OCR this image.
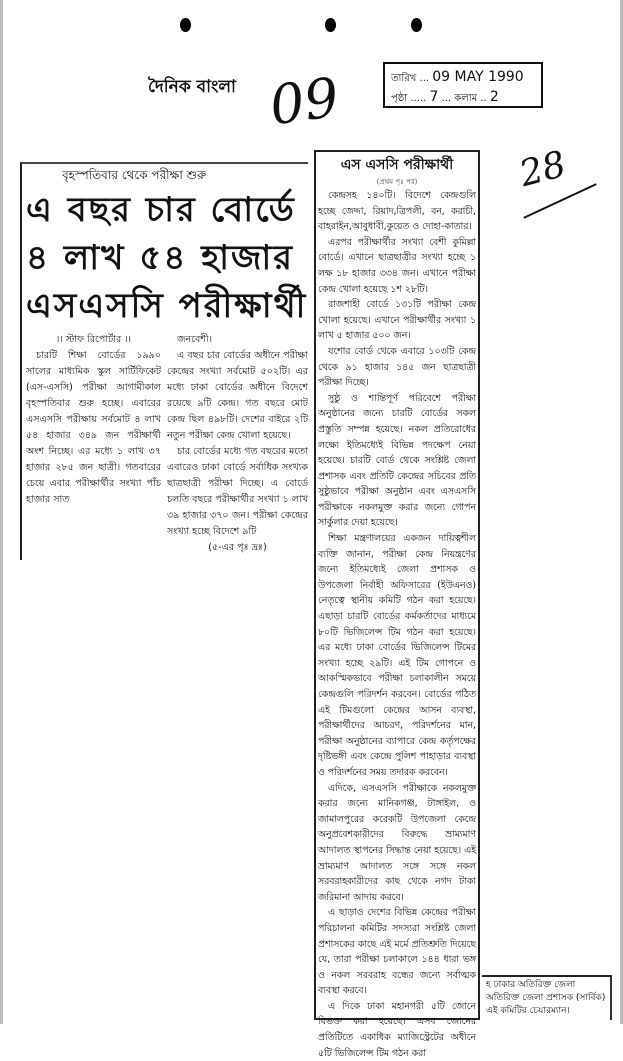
দৈনিক বাংলা 09
28
তারিখ ... 09 MAY 1990
পৃষ্ঠা ..... 7 ... কলাম .. 2
বৃহস্পতিবার থেকে পরীক্ষা শুরু
এ বছর চার বোর্ডে
৪ লাখ ৫৪ হাজার
এসএসসি পরীক্ষার্থী

।। স্টাফ রিপোর্টার ।।

চারটি শিক্ষা বোর্ডের ১৯৯০ সালের মাধ্যমিক স্কুল সার্টিফিকেট (এস-এসসি) পরীক্ষা আগামীকাল বৃহস্পতিবার শুরু হচ্ছে। এবারের এসএসসি পরীক্ষায় সর্বমোট ৪ লাখ ৫৪ হাজার ৩৪৯ জন পরীক্ষার্থী অংশ নিচ্ছে। এর মধ্যে ১ লাখ ৩৭ হাজার ২৮৫ জন ছাত্রী। গতবারের চেয়ে এবার পরীক্ষার্থীর সংখ্যা পাঁচ হাজার সাত

জনবেশী।

এ বছর চার বোর্ডের অধীনে পরীক্ষা কেন্দ্রের সংখ্যা সর্বমোট ৫০২টি। এর মধ্যে ঢাকা বোর্ডের অধীনে বিদেশে রয়েছে ৯টি কেন্দ্র। গত বছরে মোট কেন্দ্র ছিল ৪৯৮টি। দেশের বাইরে ২টি নতুন পরীক্ষা কেন্দ্র খোলা হয়েছে।

চার বোর্ডের মধ্যে গত বছরের মতো এবারেও ঢাকা বোর্ডে সর্বাধিক সংখ্যক ছাত্রছাত্রী পরীক্ষা দিচ্ছে। এ বোর্ডে চলতি বছরে পরীক্ষার্থীর সংখ্যা ১ লাখ ৩৯ হাজার ৩৭০ জন। পরীক্ষা কেন্দ্রের সংখ্যা হচ্ছে বিদেশে ৯টি

(৫-এর পৃঃ দ্রঃ)

এস এসসি পরীক্ষার্থী

(প্রথম পৃঃ পর)

কেন্দ্রসহ ১৪০টি। বিদেশে কেন্দ্রগুলি হচ্ছে জেদ্দা, রিয়াদ,ত্রিপলী, বন, করাচী, বাহরাইন,আবুধাবী,কুয়েত ও দোহা-কাতার।

এরপর পরীক্ষার্থীর সংখ্যা বেশী কুমিল্লা বোর্ডে। এখানে ছাত্রছাত্রীর সংখ্যা হচ্ছে ১ লক্ষ ১৮ হাজার ৩৩৪ জন। এখানে পরীক্ষা কেন্দ্র খোলা হয়েছে ১শ ২৮টি।

রাজশাহী বোর্ডে ১৩১টি পরীক্ষা কেন্দ্র খোলা হয়েছে। এখানে পরীক্ষার্থীর সংখ্যা ১ লাখ ৫ হাজার ৫০০ জন।

যশোর বোর্ড থেকে এবারে ১০৩টি কেন্দ্র থেকে ৯১ হাজার ১৪৫ জন ছাত্রছাত্রী পরীক্ষা দিচ্ছে।

সুষ্ঠু ও শান্তিপূর্ণ পরিবেশে পরীক্ষা অনুষ্ঠানের জন্যে চারটি বোর্ডের সকল প্রস্তুতি সম্পন্ন হয়েছে। নকল প্রতিরোধের লক্ষ্যে ইতিমধ্যেই বিভিন্ন পদক্ষেপ নেয়া হয়েছে। চারটি বোর্ড থেকে সংশ্লিষ্ট জেলা প্রশাসক এবং প্রতিটি কেন্দ্রের সচিবের প্রতি সুষ্ঠুভাবে পরীক্ষা অনুষ্ঠান এবং এসএসসি পরীক্ষাকে নকলমুক্ত করার জন্যে গোপন সার্কুলার দেয়া হয়েছে।

শিক্ষা মন্ত্রণালয়ের একজন দায়িত্বশীল ব্যক্তি জানান, পরীক্ষা কেন্দ্র নিয়ন্ত্রণের জন্যে ইতিমধ্যেই জেলা প্রশাসক ও উপজেলা নির্বাহী অফিসারের (ইউএনও) নেতৃত্বে স্থানীয় কমিটি গঠন করা হয়েছে। এছাড়া চারটি বোর্ডের কর্মকর্তাদের মাধ্যমে ৮০টি ভিজিলেন্স টিম গঠন করা হয়েছে। এর মধ্যে ঢাকা বোর্ডের ভিজিলেন্স টিমের সংখ্যা হচ্ছে ২৯টি। এই টিম গোপনে ও আকস্মিকভাবে পরীক্ষা চলাকালীন সময়ে কেন্দ্রগুলি পরিদর্শন করবেন। বোর্ডের গঠিত এই টিমগুলো কেন্দ্রের আসন ব্যবস্থা, পরীক্ষার্থীদের আচরণ, পরিদর্শনের মান, পরীক্ষা অনুষ্ঠানের ব্যাপারে কেন্দ্র কর্তৃপক্ষের দৃষ্টিভঙ্গী এবং কেন্দ্রে পুলিশ পাহাড়ার ব্যবস্থা ও পরিদর্শনের সময় তদারক করবেন।

এদিকে, এসএসসি পরীক্ষাকে নকলমুক্ত করার জন্যে মানিকগঞ্জ, টাঙ্গাইল, ও জামালপুরের করেকটি উপজেলা কেন্দ্রে অনুপ্রবেশকারীদের বিরুদ্ধে ভ্রাম্যমাণ আদালত স্থাপনের সিদ্ধান্ত নেয়া হয়েছে। এই ভ্রাম্যমাণ আদালত সঙ্গে সঙ্গে নকল সরবরাহকারীদের কাছ থেকে নগদ টাকা জরিমানা আদায় করবে।

এ ছাড়াও দেশের বিভিন্ন কেন্দ্রের পরীক্ষা পরিচালনা কমিটির সদস্যরা সংশ্লিষ্ট জেলা প্রশাসকের কাছে এই মর্মে প্রতিশ্রুতি দিয়েছে যে, তারা পরীক্ষা চলাকালে ১৪৪ ধারা ভঙ্গ ও নকল সরবরাহ বন্ধের জন্যে সর্বাত্মক ব্যবস্থা করবে।

এ দিকে ঢাকা মহানগরী ৫টি জোনে বিভক্ত করা হয়েছে। এসব জোনের প্রতিটিতে একাধিক ম্যাজিস্ট্রেটের অধীনে ৫টি ভিজিলেন্স টিম গঠন করা

হ ঢাকার অতিরিক্ত জেলা অতিরিক্ত জেলা প্রশাসক (সার্বিক) এই কমিটির চেয়ারম্যান।
